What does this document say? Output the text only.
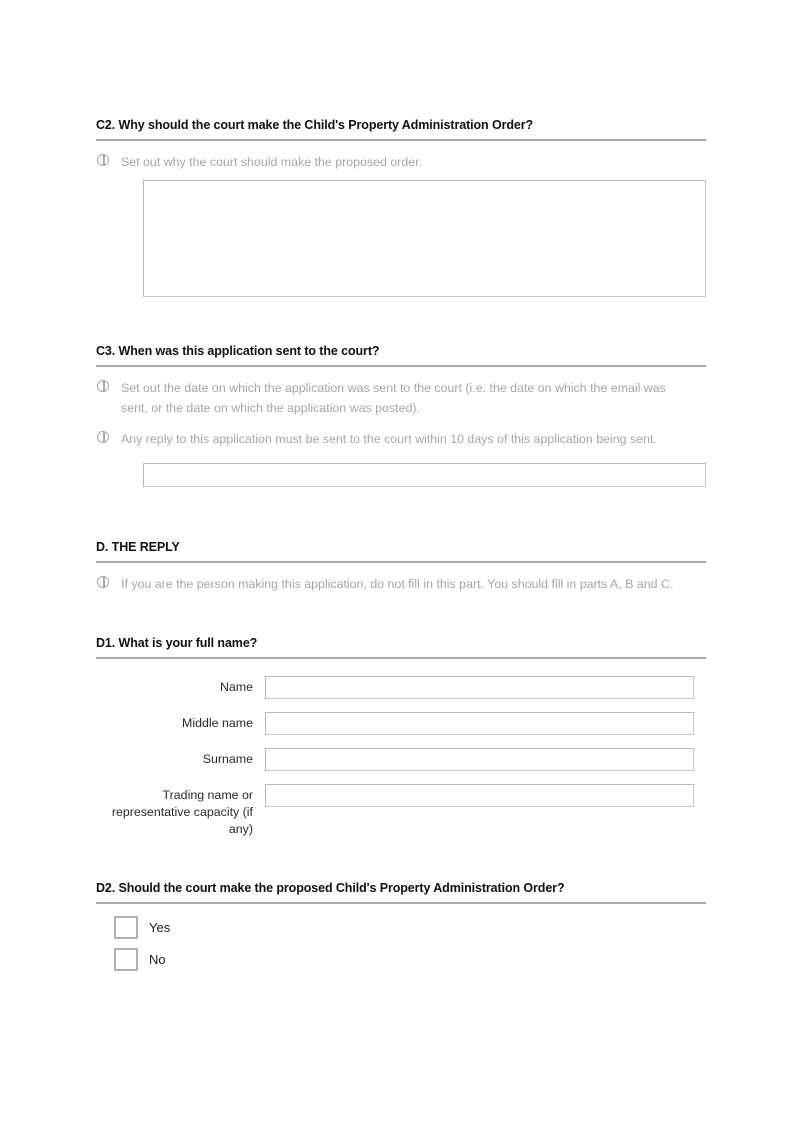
C2. Why should the court make the Child's Property Administration Order?
Set out why the court should make the proposed order.
C3. When was this application sent to the court?
Set out the date on which the application was sent to the court (i.e. the date on which the email was sent, or the date on which the application was posted).
Any reply to this application must be sent to the court within 10 days of this application being sent.
D. THE REPLY
If you are the person making this application, do not fill in this part. You should fill in parts A, B and C.
D1. What is your full name?
Name
Middle name
Surname
Trading name or representative capacity (if any)
D2. Should the court make the proposed Child's Property Administration Order?
Yes
No
